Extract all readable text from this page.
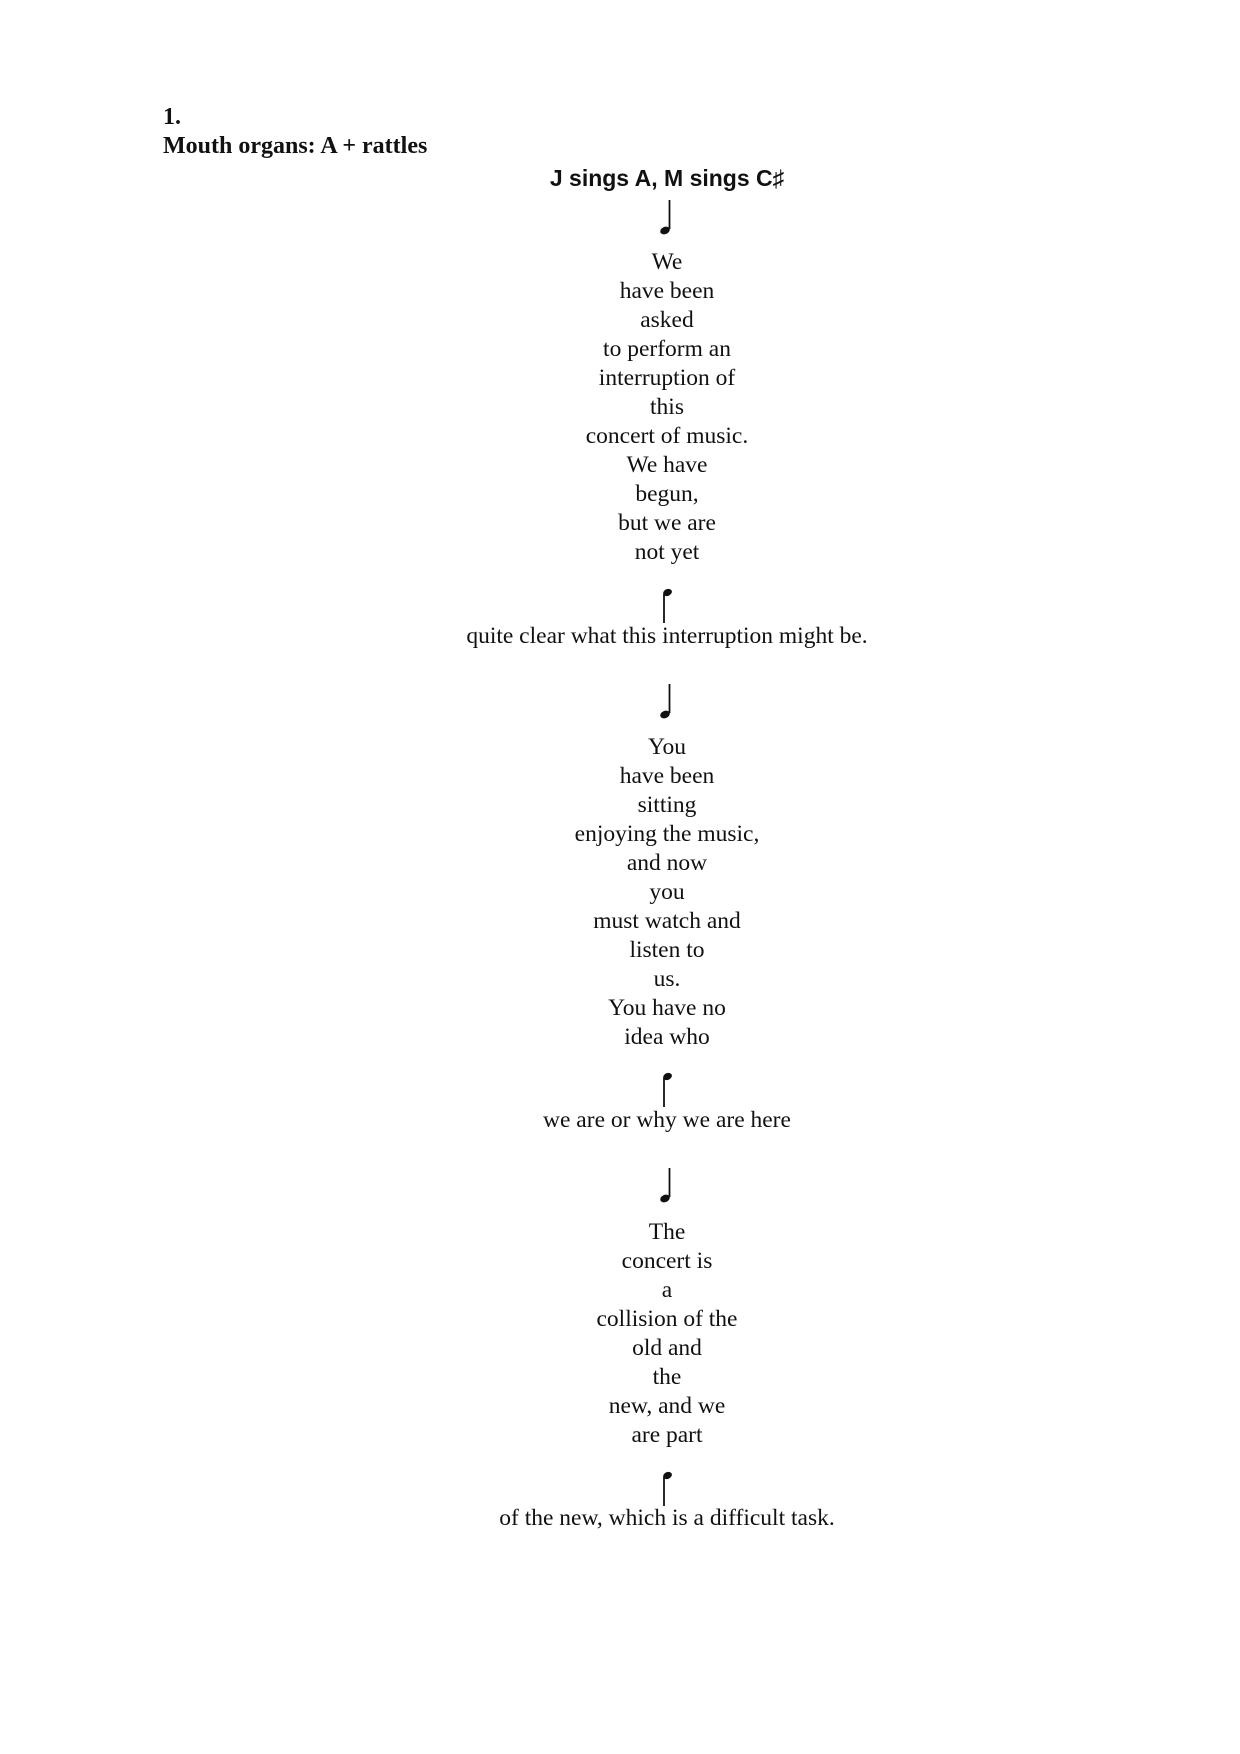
1.
Mouth organs: A + rattles
J sings A, M sings C♯
We
have been
asked
to perform an
interruption of
this
concert of music.
We have
begun,
but we are
not yet
quite clear what this interruption might be.
You
have been
sitting
enjoying the music,
and now
you
must watch and
listen to
us.
You have no
idea who
we are or why we are here
The
concert is
a
collision of the
old and
the
new, and we
are part
of the new, which is a difficult task.
